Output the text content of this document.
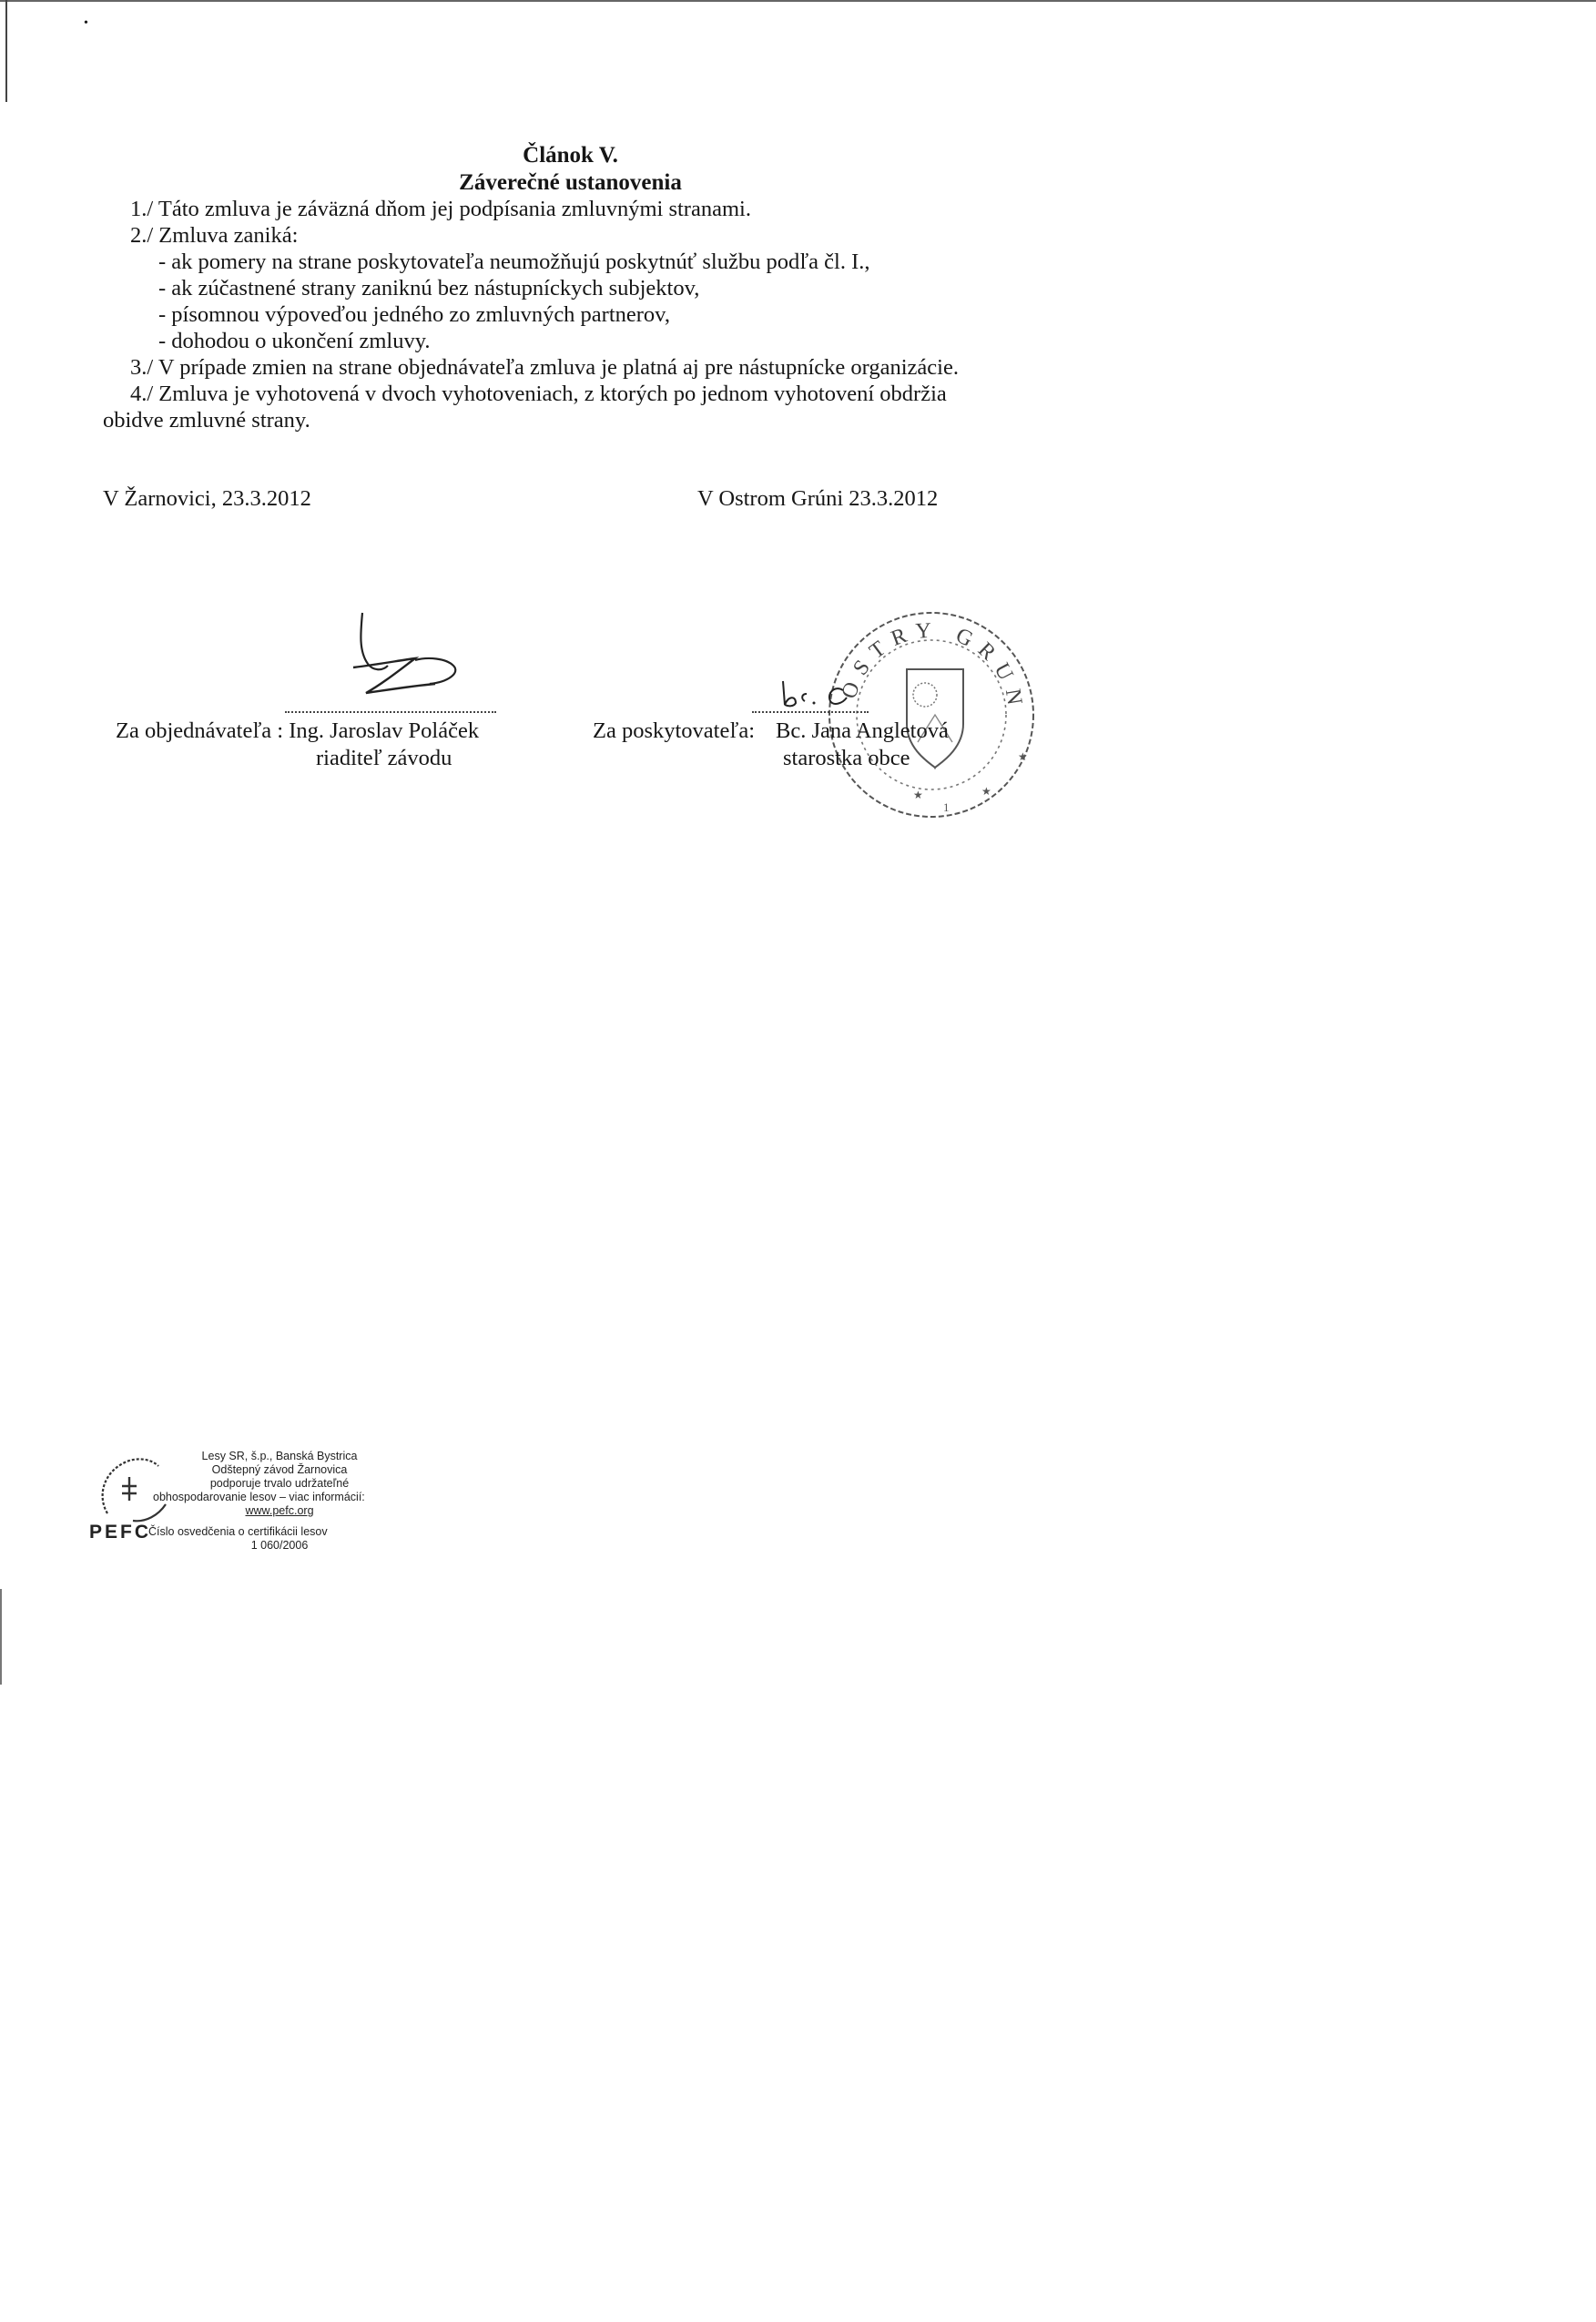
•
Článok V.
Záverečné ustanovenia
1./ Táto zmluva je záväzná dňom jej podpísania zmluvnými stranami.
2./ Zmluva zaniká:
- ak pomery na strane poskytovateľa neumožňujú poskytnúť službu podľa čl. I.,
- ak zúčastnené strany zaniknú bez nástupníckych subjektov,
- písomnou výpoveďou jedného zo zmluvných partnerov,
- dohodou o ukončení zmluvy.
3./ V prípade zmien na strane objednávateľa zmluva je platná aj pre nástupnícke organizácie.
4./ Zmluva je vyhotovená v dvoch vyhotoveniach, z ktorých po jednom vyhotovení obdržia
obidve zmluvné strany.
V Žarnovici, 23.3.2012	V Ostrom Grúni 23.3.2012
Za objednávateľa : Ing. Jaroslav Poláček
riaditeľ závodu
OSTRY GRUN
★
★
★
1
Za poskytovateľa: Bc. Jana Angletová
starostka obce
PEFC
Lesy SR, š.p., Banská Bystrica
Odštepný závod Žarnovica
podporuje trvalo udržateľné
obhospodarovanie lesov – viac informácií:
www.pefc.org
Číslo osvedčenia o certifikácii lesov
1 060/2006
